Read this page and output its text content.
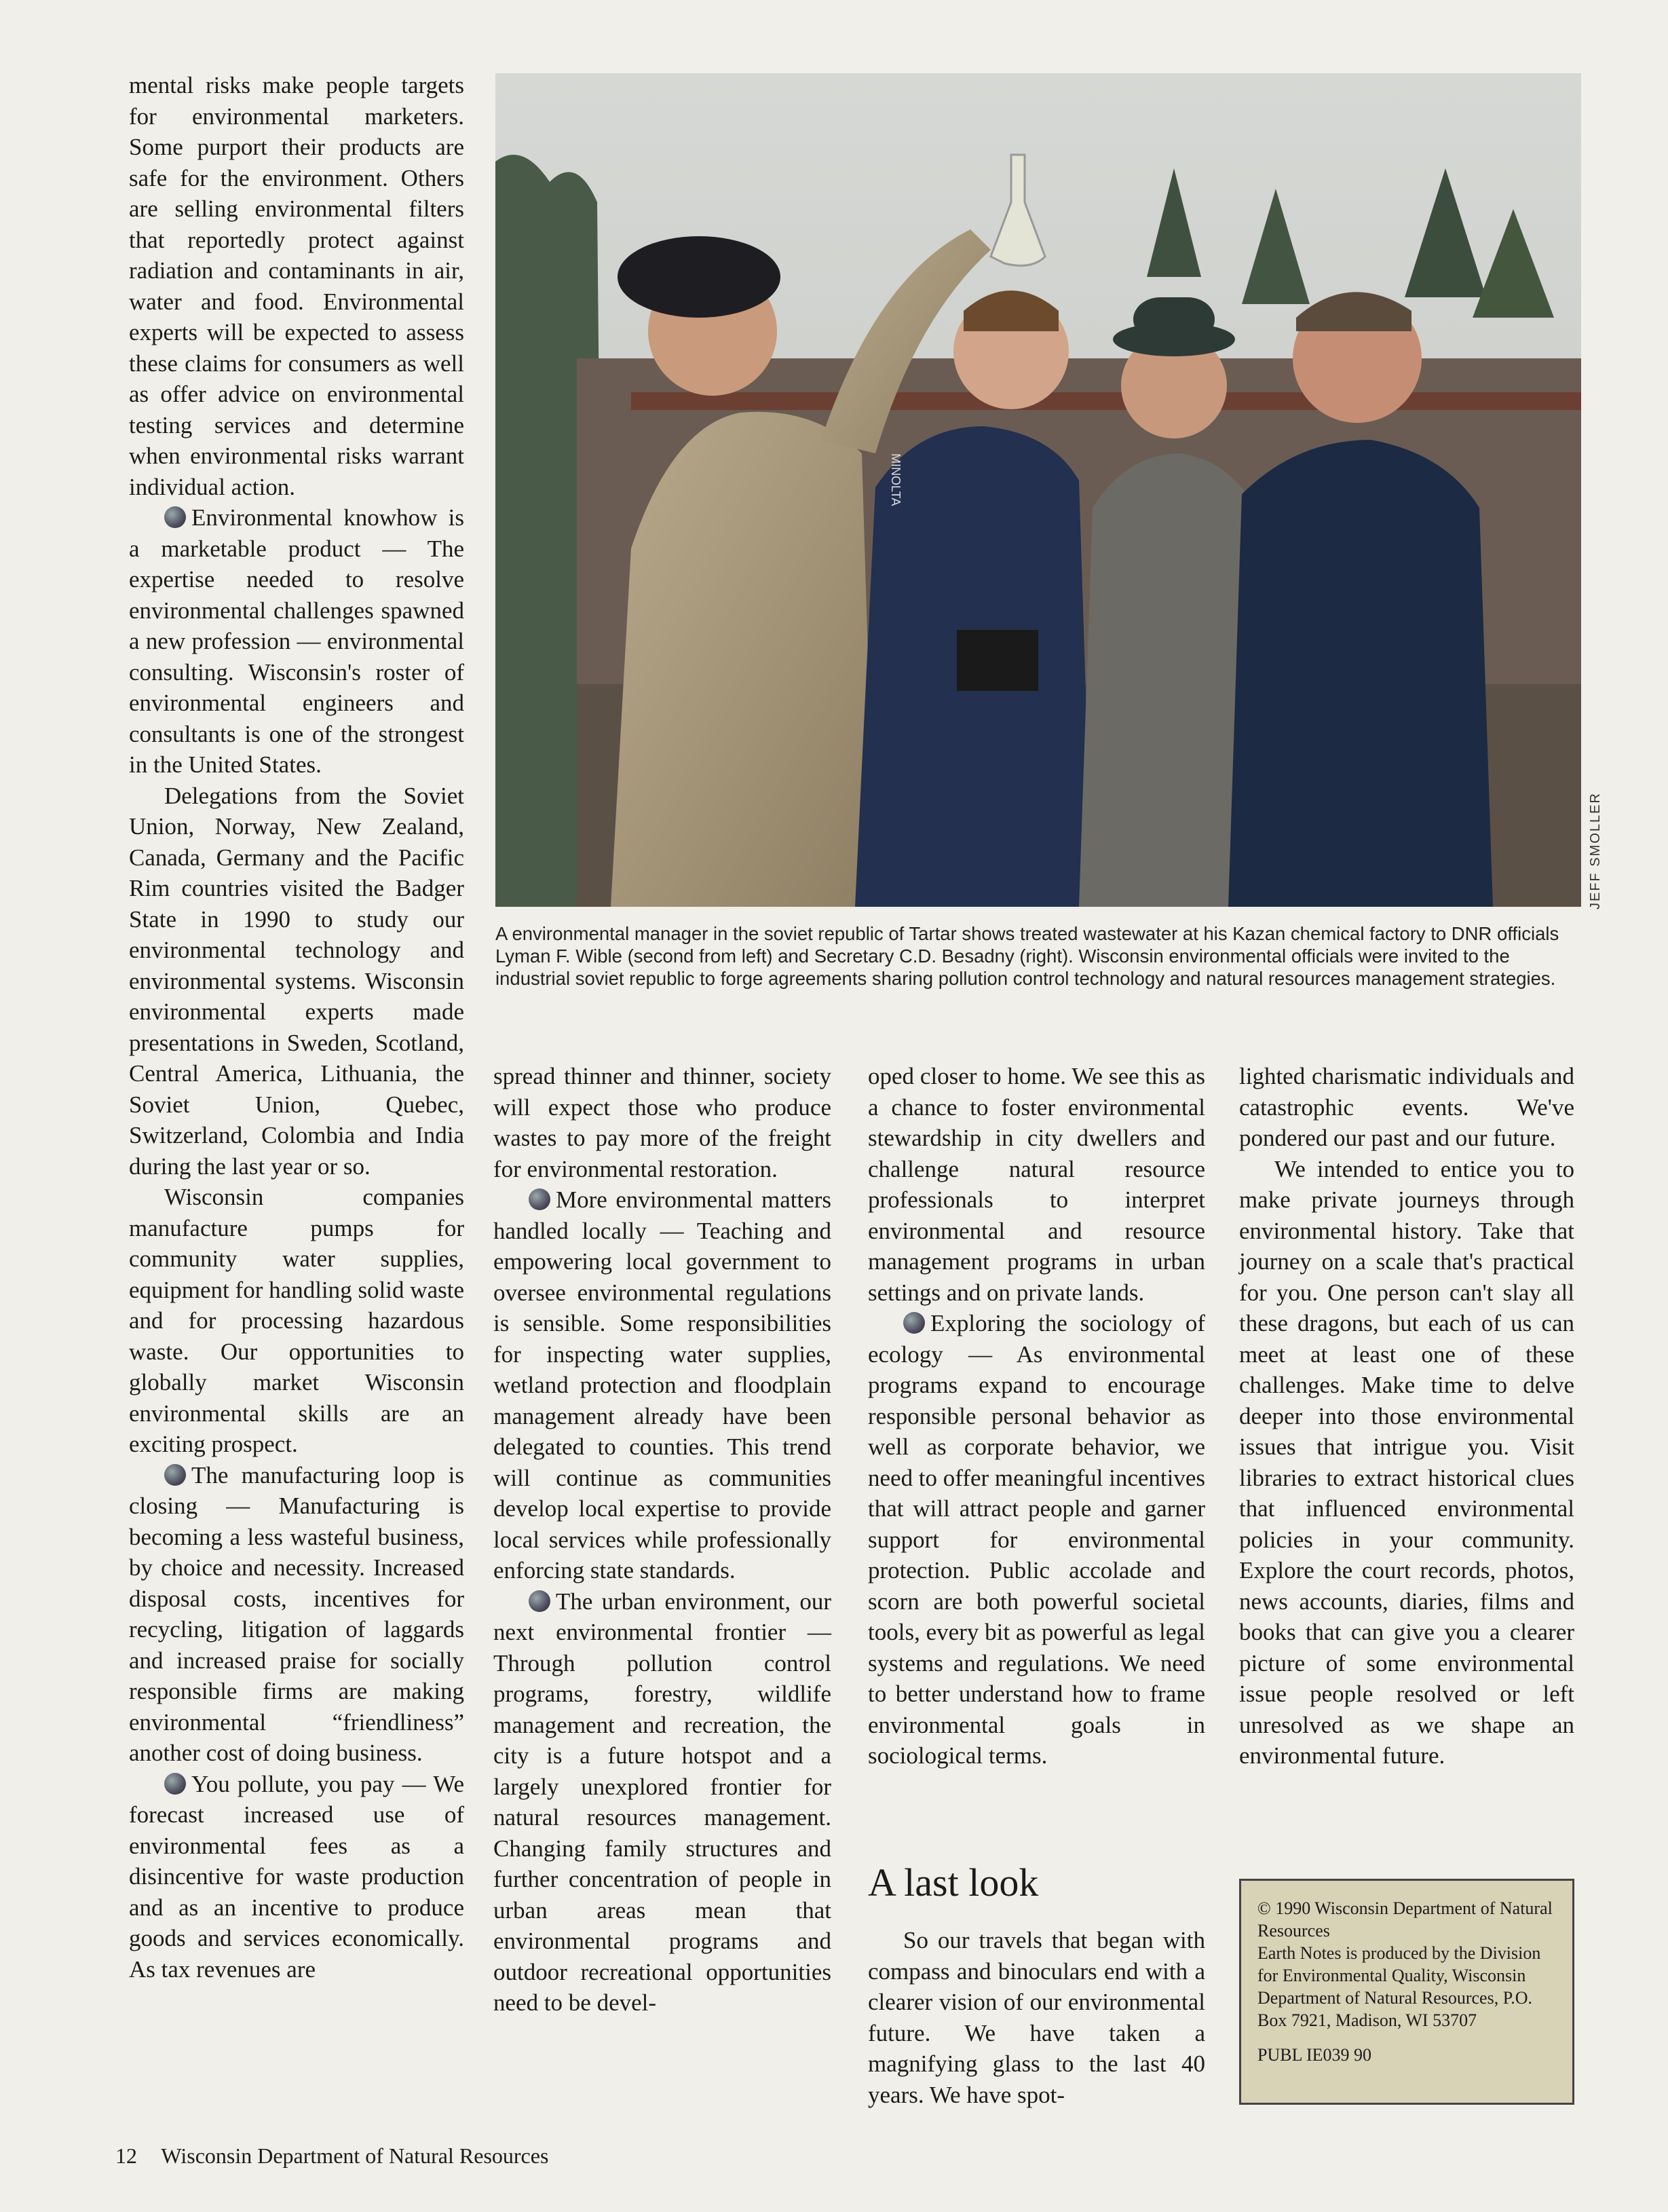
mental risks make people targets for environmental marketers. Some purport their products are safe for the environment. Others are selling environmental filters that reportedly protect against radiation and contaminants in air, water and food. Environmental experts will be expected to assess these claims for consumers as well as offer advice on environmental testing services and determine when environmental risks warrant individual action.

Environmental knowhow is a marketable product — The expertise needed to resolve environmental challenges spawned a new profession — environmental consulting. Wisconsin's roster of environmental engineers and consultants is one of the strongest in the United States.

Delegations from the Soviet Union, Norway, New Zealand, Canada, Germany and the Pacific Rim countries visited the Badger State in 1990 to study our environmental technology and environmental systems. Wisconsin environmental experts made presentations in Sweden, Scotland, Central America, Lithuania, the Soviet Union, Quebec, Switzerland, Colombia and India during the last year or so.

Wisconsin companies manufacture pumps for community water supplies, equipment for handling solid waste and for processing hazardous waste. Our opportunities to globally market Wisconsin environmental skills are an exciting prospect.

The manufacturing loop is closing — Manufacturing is becoming a less wasteful business, by choice and necessity. Increased disposal costs, incentives for recycling, litigation of laggards and increased praise for socially responsible firms are making environmental “friendliness” another cost of doing business.

You pollute, you pay — We forecast increased use of environmental fees as a disincentive for waste production and as an incentive to produce goods and services economically. As tax revenues are

MINOLTA
JEFF SMOLLER
A environmental manager in the soviet republic of Tartar shows treated wastewater at his Kazan chemical factory to DNR officials Lyman F. Wible (second from left) and Secretary C.D. Besadny (right). Wisconsin environmental officials were invited to the industrial soviet republic to forge agreements sharing pollution control technology and natural resources management strategies.

spread thinner and thinner, society will expect those who produce wastes to pay more of the freight for environmental restoration.

More environmental matters handled locally — Teaching and empowering local government to oversee environmental regulations is sensible. Some responsibilities for inspecting water supplies, wetland protection and floodplain management already have been delegated to counties. This trend will continue as communities develop local expertise to provide local services while professionally enforcing state standards.

The urban environment, our next environmental frontier — Through pollution control programs, forestry, wildlife management and recreation, the city is a future hotspot and a largely unexplored frontier for natural resources management. Changing family structures and further concentration of people in urban areas mean that environmental programs and outdoor recreational opportunities need to be devel-

oped closer to home. We see this as a chance to foster environmental stewardship in city dwellers and challenge natural resource professionals to interpret environmental and resource management programs in urban settings and on private lands.

Exploring the sociology of ecology — As environmental programs expand to encourage responsible personal behavior as well as corporate behavior, we need to offer meaningful incentives that will attract people and garner support for environmental protection. Public accolade and scorn are both powerful societal tools, every bit as powerful as legal systems and regulations. We need to better understand how to frame environmental goals in sociological terms.

A last look

So our travels that began with compass and binoculars end with a clearer vision of our environmental future. We have taken a magnifying glass to the last 40 years. We have spot-

lighted charismatic individuals and catastrophic events. We've pondered our past and our future.

We intended to entice you to make private journeys through environmental history. Take that journey on a scale that's practical for you. One person can't slay all these dragons, but each of us can meet at least one of these challenges. Make time to delve deeper into those environmental issues that intrigue you. Visit libraries to extract historical clues that influenced environmental policies in your community. Explore the court records, photos, news accounts, diaries, films and books that can give you a clearer picture of some environmental issue people resolved or left unresolved as we shape an environmental future.

© 1990 Wisconsin Department of Natural Resources
Earth Notes is produced by the Division for Environmental Quality, Wisconsin Department of Natural Resources, P.O. Box 7921, Madison, WI 53707
PUBL IE039 90
12 Wisconsin Department of Natural Resources
